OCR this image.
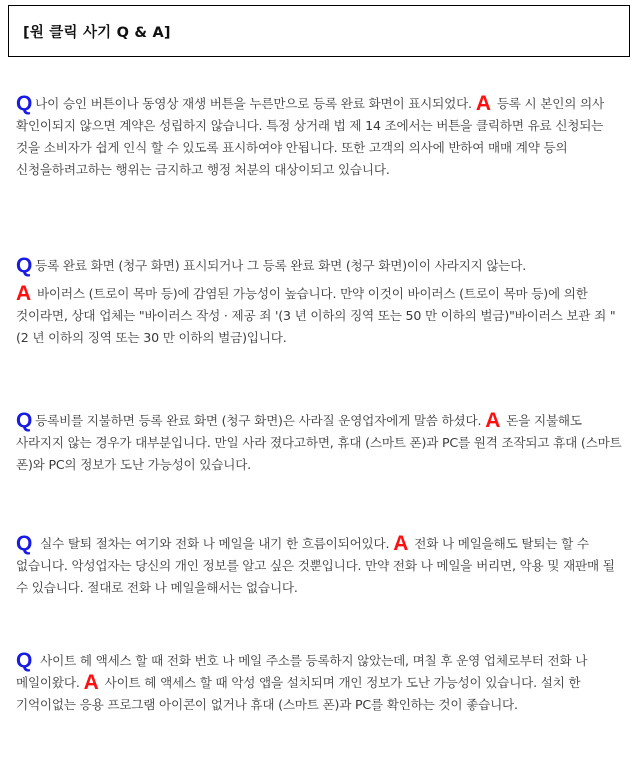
[원 클릭 사기 Q & A]
Q나이 승인 버튼이나 동영상 재생 버튼을 누른만으로 등록 완료 화면이 표시되었다. A 등록 시 본인의 의사 확인이되지 않으면 계약은 성립하지 않습니다. 특정 상거래 법 제 14 조에서는 버튼을 클릭하면 유료 신청되는 것을 소비자가 쉽게 인식 할 수 있도록 표시하여야 안됩니다. 또한 고객의 의사에 반하여 매매 계약 등의 신청을하려고하는 행위는 금지하고 행정 처분의 대상이되고 있습니다.
Q등록 완료 화면 (청구 화면) 표시되거나 그 등록 완료 화면 (청구 화면)이이 사라지지 않는다.
A바이러스 (트로이 목마 등)에 감염된 가능성이 높습니다. 만약 이것이 바이러스 (트로이 목마 등)에 의한 것이라면, 상대 업체는 "바이러스 작성 · 제공 죄 '(3 년 이하의 징역 또는 50 만 이하의 벌금)"바이러스 보관 죄 "(2 년 이하의 징역 또는 30 만 이하의 벌금)입니다.
Q등록비를 지불하면 등록 완료 화면 (청구 화면)은 사라질 운영업자에게 말씀 하셨다. A 돈을 지불해도 사라지지 않는 경우가 대부분입니다. 만일 사라 졌다고하면, 휴대 (스마트 폰)과 PC를 원격 조작되고 휴대 (스마트 폰)와 PC의 정보가 도난 가능성이 있습니다.
Q실수 탈퇴 절차는 여기와 전화 나 메일을 내기 한 흐름이되어있다. A 전화 나 메일을해도 탈퇴는 할 수 없습니다. 악성업자는 당신의 개인 정보를 알고 싶은 것뿐입니다. 만약 전화 나 메일을 버리면, 악용 및 재판매 될 수 있습니다. 절대로 전화 나 메일을해서는 없습니다.
Q사이트 헤 액세스 할 때 전화 번호 나 메일 주소를 등록하지 않았는데, 며칠 후 운영 업체로부터 전화 나 메일이왔다. A 사이트 헤 액세스 할 때 악성 앱을 설치되며 개인 정보가 도난 가능성이 있습니다. 설치 한 기억이없는 응용 프로그램 아이콘이 없거나 휴대 (스마트 폰)과 PC를 확인하는 것이 좋습니다.
